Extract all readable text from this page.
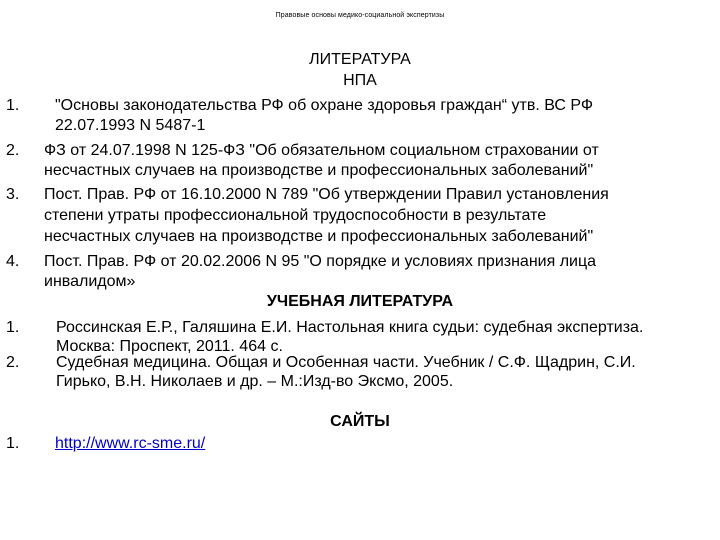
Правовые основы медико-социальной экспертизы
ЛИТЕРАТУРА
НПА
1. "Основы законодательства РФ об охране здоровья граждан“ утв. ВС РФ
22.07.1993 N 5487-1
2. ФЗ от 24.07.1998 N 125-ФЗ "Об обязательном социальном страховании от
несчастных случаев на производстве и профессиональных заболеваний"
3. Пост. Прав. РФ от 16.10.2000 N 789 "Об утверждении Правил установления
степени утраты профессиональной трудоспособности в результате
несчастных случаев на производстве и профессиональных заболеваний"
4. Пост. Прав. РФ от 20.02.2006 N 95 "О порядке и условиях признания лица
инвалидом»
УЧЕБНАЯ ЛИТЕРАТУРА
1. Россинская Е.Р., Галяшина Е.И. Настольная книга судьи: судебная экспертиза.
Москва: Проспект, 2011. 464 с.
2. Судебная медицина. Общая и Особенная части. Учебник / С.Ф. Щадрин, С.И.
Гирько, В.Н. Николаев и др. – М.:Изд-во Эксмо, 2005.
САЙТЫ
1. http://www.rc-sme.ru/
